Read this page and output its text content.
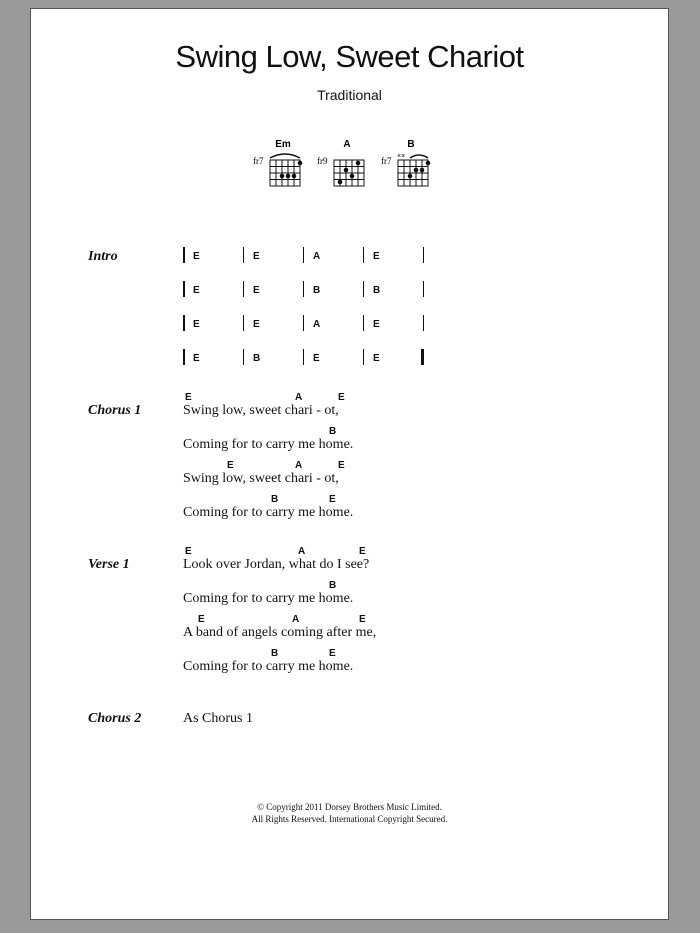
Swing Low, Sweet Chariot
Traditional
Em
fr7
A
fr9
B
fr7 ××
Intro	E	E	A	E
E	E	B	B
E	E	A	E
E	B	E	E
Chorus 1
E	A	E
Swing low, sweet chari - ot,
B
Coming for to carry me home.
E	A	E
Swing low, sweet chari - ot,
B	E
Coming for to carry me home.
Verse 1
E	A	E
Look over Jordan, what do I see?
B
Coming for to carry me home.
E	A	E
A band of angels coming after me,
B	E
Coming for to carry me home.
Chorus 2	As Chorus 1
© Copyright 2011 Dorsey Brothers Music Limited.
All Rights Reserved. International Copyright Secured.
